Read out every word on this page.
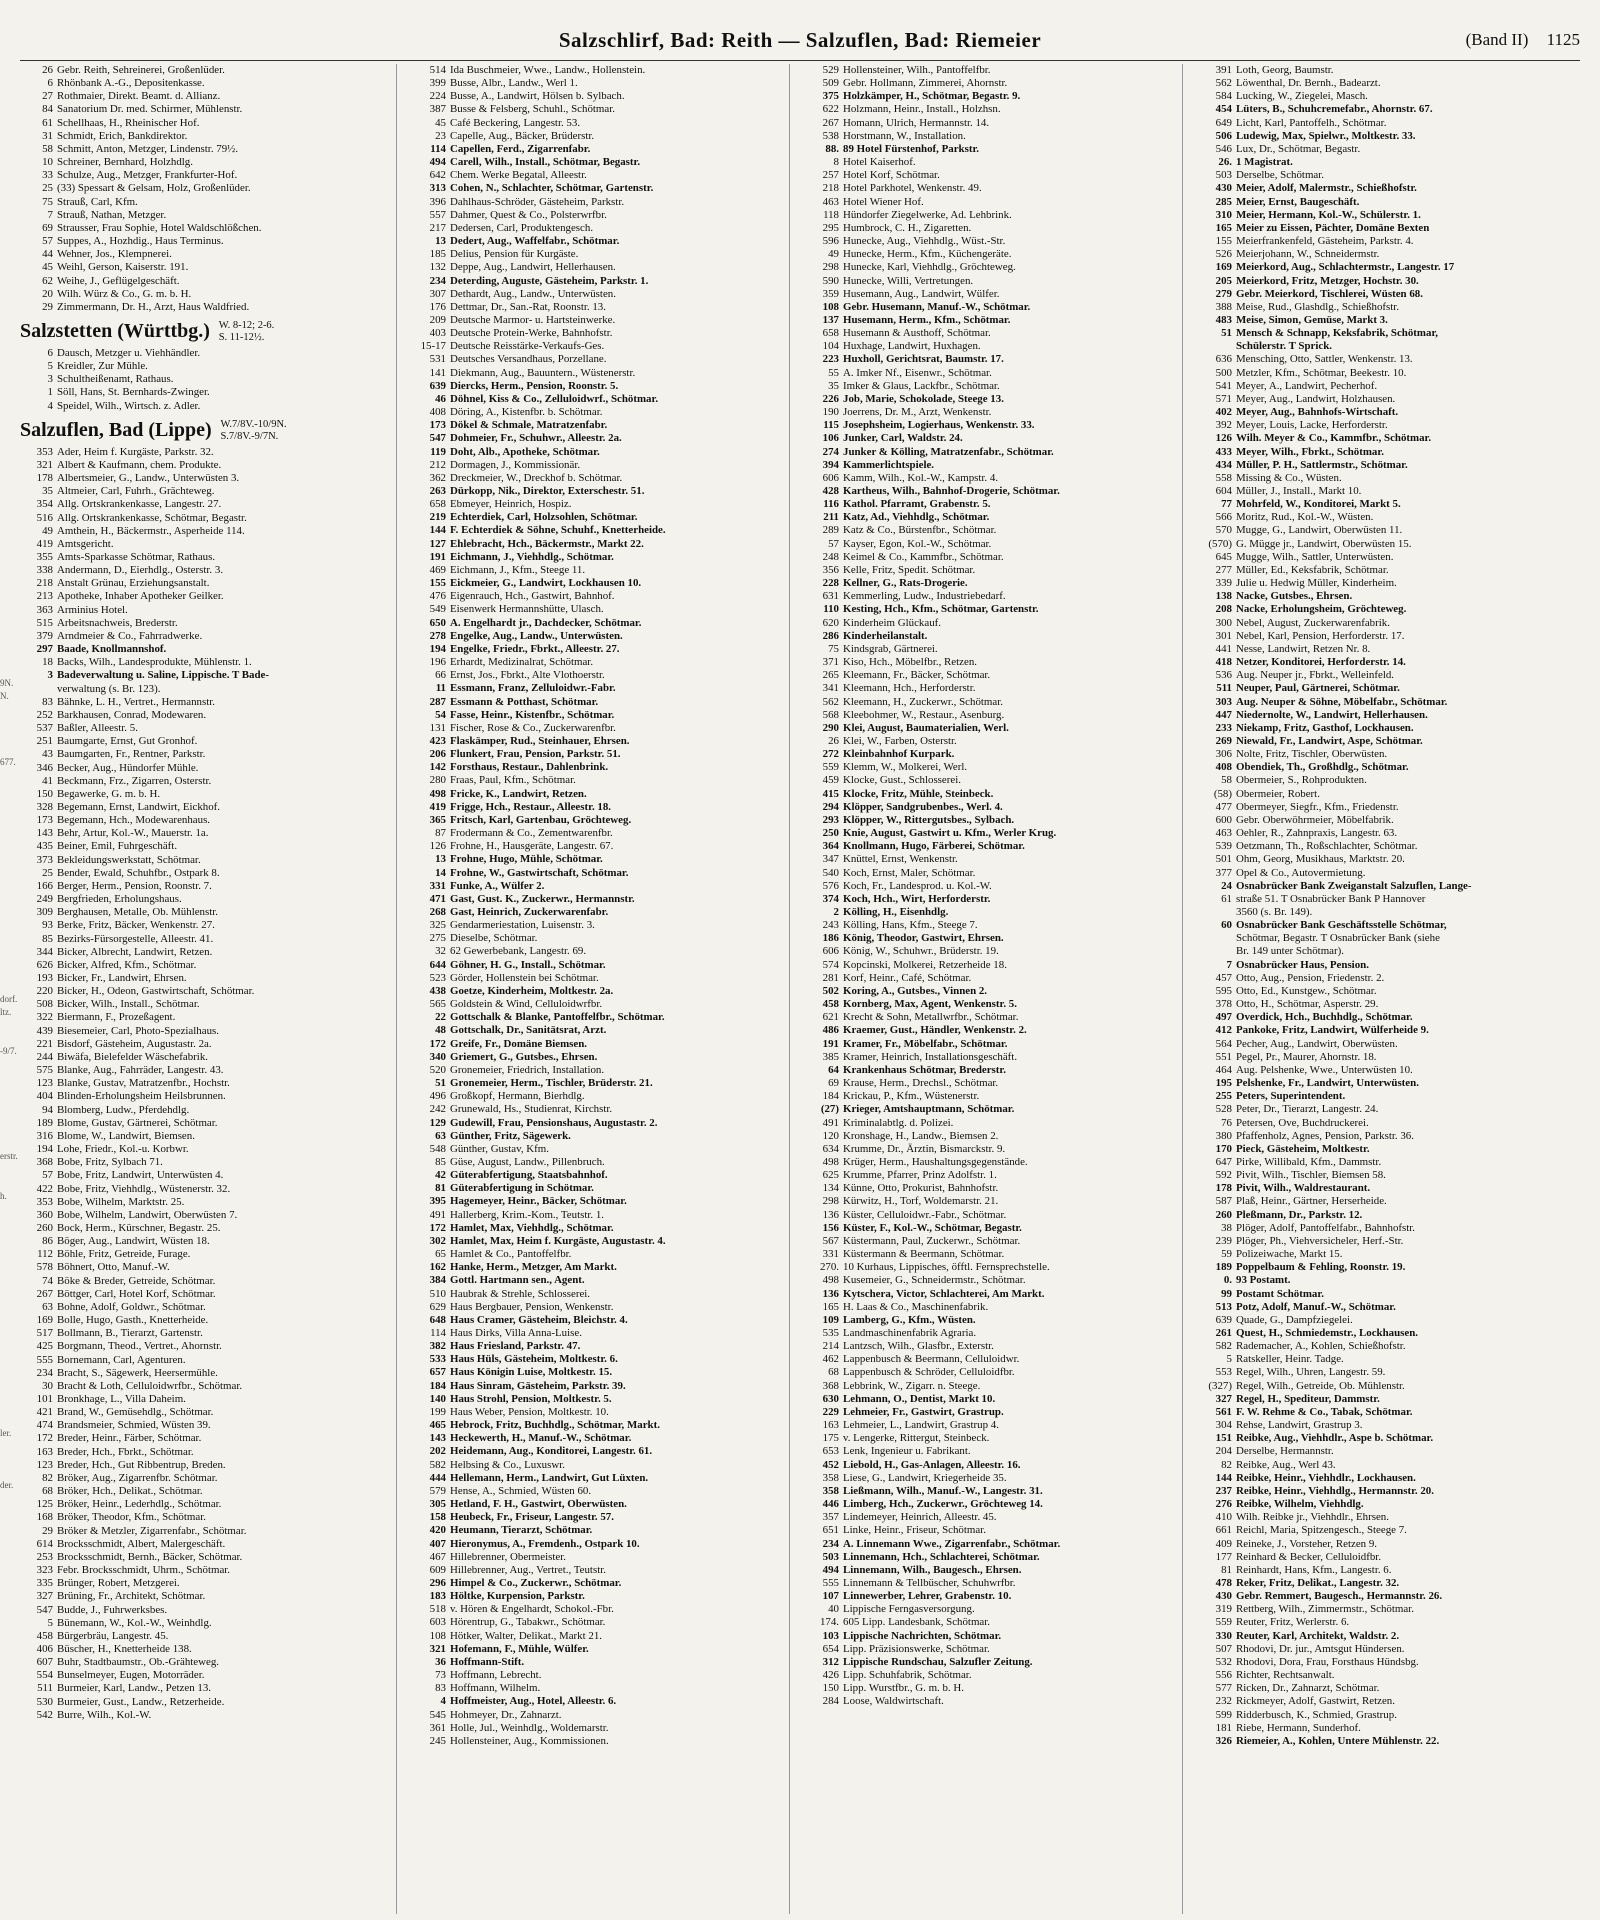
Salzschlirf, Bad: Reith — Salzuflen, Bad: Riemeier	(Band II) 1125
9N.
N.
677.
dorf.
ltz.
-9/7.
erstr.
h.
ler.
der.
26 Gebr. Reith, Sehreinerei, Großenlüder.
6 Rhönbank A.-G., Depositenkasse.
27 Rothmaier, Direkt. Beamt. d. Allianz.
84 Sanatorium Dr. med. Schirmer, Mühlenstr.
61 Schellhaas, H., Rheinischer Hof.
31 Schmidt, Erich, Bankdirektor.
58 Schmitt, Anton, Metzger, Lindenstr. 79½.
10 Schreiner, Bernhard, Holzhdlg.
33 Schulze, Aug., Metzger, Frankfurter-Hof.
25 (33) Spessart & Gelsam, Holz, Großenlüder.
75 Strauß, Carl, Kfm.
7 Strauß, Nathan, Metzger.
69 Strausser, Frau Sophie, Hotel Waldschlößchen.
57 Suppes, A., Hozhdig., Haus Terminus.
44 Wehner, Jos., Klempnerei.
45 Weihl, Gerson, Kaiserstr. 191.
62 Weihe, J., Geflügelgeschäft.
20 Wilh. Würz & Co., G. m. b. H.
29 Zimmermann, Dr. H., Arzt, Haus Waldfried.
Salzstetten (Württbg.) W. 8-12; 2-6.
S. 11-12½.
6 Dausch, Metzger u. Viehhändler.
5 Kreidler, Zur Mühle.
3 Schultheißenamt, Rathaus.
1 Söll, Hans, St. Bernhards-Zwinger.
4 Speidel, Wilh., Wirtsch. z. Adler.
Salzuflen, Bad (Lippe) W.7/8V.-10/9N.
S.7/8V.-9/7N.
353 Ader, Heim f. Kurgäste, Parkstr. 32.
321 Albert & Kaufmann, chem. Produkte.
178 Albertsmeier, G., Landw., Unterwüsten 3.
35 Altmeier, Carl, Fuhrh., Grächteweg.
354 Allg. Ortskrankenkasse, Langestr. 27.
516 Allg. Ortskrankenkasse, Schötmar, Begastr.
49 Amthein, H., Bäckermstr., Asperheide 114.
419 Amtsgericht.
355 Amts-Sparkasse Schötmar, Rathaus.
338 Andermann, D., Eierhdlg., Osterstr. 3.
218 Anstalt Grünau, Erziehungsanstalt.
213 Apotheke, Inhaber Apotheker Geilker.
363 Arminius Hotel.
515 Arbeitsnachweis, Brederstr.
379 Arndmeier & Co., Fahrradwerke.
297 Baade, Knollmannshof.
18 Backs, Wilh., Landesprodukte, Mühlenstr. 1.
3 Badeverwaltung u. Saline, Lippische. T Bade-
verwaltung (s. Br. 123).
83 Bähnke, L. H., Vertret., Hermannstr.
252 Barkhausen, Conrad, Modewaren.
537 Baßler, Alleestr. 5.
251 Baumgarte, Ernst, Gut Gronhof.
43 Baumgarten, Fr., Rentner, Parkstr.
346 Becker, Aug., Hündorfer Mühle.
41 Beckmann, Frz., Zigarren, Osterstr.
150 Begawerke, G. m. b. H.
328 Begemann, Ernst, Landwirt, Eickhof.
173 Begemann, Hch., Modewarenhaus.
143 Behr, Artur, Kol.-W., Mauerstr. 1a.
435 Beiner, Emil, Fuhrgeschäft.
373 Bekleidungswerkstatt, Schötmar.
25 Bender, Ewald, Schuhfbr., Ostpark 8.
166 Berger, Herm., Pension, Roonstr. 7.
249 Bergfrieden, Erholungshaus.
309 Berghausen, Metalle, Ob. Mühlenstr.
93 Berke, Fritz, Bäcker, Wenkenstr. 27.
85 Bezirks-Fürsorgestelle, Alleestr. 41.
344 Bicker, Albrecht, Landwirt, Retzen.
626 Bicker, Alfred, Kfm., Schötmar.
193 Bicker, Fr., Landwirt, Ehrsen.
220 Bicker, H., Odeon, Gastwirtschaft, Schötmar.
508 Bicker, Wilh., Install., Schötmar.
322 Biermann, F., Prozeßagent.
439 Biesemeier, Carl, Photo-Spezialhaus.
221 Bisdorf, Gästeheim, Augustastr. 2a.
244 Biwäfa, Bielefelder Wäschefabrik.
575 Blanke, Aug., Fahrräder, Langestr. 43.
123 Blanke, Gustav, Matratzenfbr., Hochstr.
404 Blinden-Erholungsheim Heilsbrunnen.
94 Blomberg, Ludw., Pferdehdlg.
189 Blome, Gustav, Gärtnerei, Schötmar.
316 Blome, W., Landwirt, Biemsen.
194 Lohe, Friedr., Kol.-u. Korbwr.
368 Bobe, Fritz, Sylbach 71.
57 Bobe, Fritz, Landwirt, Unterwüsten 4.
422 Bobe, Fritz, Viehhdlg., Wüstenerstr. 32.
353 Bobe, Wilhelm, Marktstr. 25.
360 Bobe, Wilhelm, Landwirt, Oberwüsten 7.
260 Bock, Herm., Kürschner, Begastr. 25.
86 Böger, Aug., Landwirt, Wüsten 18.
112 Böhle, Fritz, Getreide, Furage.
578 Böhnert, Otto, Manuf.-W.
74 Böke & Breder, Getreide, Schötmar.
267 Böttger, Carl, Hotel Korf, Schötmar.
63 Bohne, Adolf, Goldwr., Schötmar.
169 Bolle, Hugo, Gasth., Knetterheide.
517 Bollmann, B., Tierarzt, Gartenstr.
425 Borgmann, Theod., Vertret., Ahornstr.
555 Bornemann, Carl, Agenturen.
234 Bracht, S., Sägewerk, Heersermühle.
30 Bracht & Loth, Celluloidwrfbr., Schötmar.
101 Bronkhage, L., Villa Daheim.
421 Brand, W., Gemüsehdlg., Schötmar.
474 Brandsmeier, Schmied, Wüsten 39.
172 Breder, Heinr., Färber, Schötmar.
163 Breder, Hch., Fbrkt., Schötmar.
123 Breder, Hch., Gut Ribbentrup, Breden.
82 Bröker, Aug., Zigarrenfbr. Schötmar.
68 Bröker, Hch., Delikat., Schötmar.
125 Bröker, Heinr., Lederhdlg., Schötmar.
168 Bröker, Theodor, Kfm., Schötmar.
29 Bröker & Metzler, Zigarrenfabr., Schötmar.
614 Brocksschmidt, Albert, Malergeschäft.
253 Brocksschmidt, Bernh., Bäcker, Schötmar.
323 Febr. Brocksschmidt, Uhrm., Schötmar.
335 Brünger, Robert, Metzgerei.
327 Brüning, Fr., Architekt, Schötmar.
547 Budde, J., Fuhrwerksbes.
5 Bünemann, W., Kol.-W., Weinhdlg.
458 Bürgerbräu, Langestr. 45.
406 Büscher, H., Knetterheide 138.
607 Buhr, Stadtbaumstr., Ob.-Grähteweg.
554 Bunselmeyer, Eugen, Motorräder.
511 Burmeier, Karl, Landw., Petzen 13.
530 Burmeier, Gust., Landw., Retzerheide.
542 Burre, Wilh., Kol.-W.
514 Ida Buschmeier, Wwe., Landw., Hollenstein.
399 Busse, Albr., Landw., Werl 1.
224 Busse, A., Landwirt, Hölsen b. Sylbach.
387 Busse & Felsberg, Schuhl., Schötmar.
45 Café Beckering, Langestr. 53.
23 Capelle, Aug., Bäcker, Brüderstr.
114 Capellen, Ferd., Zigarrenfabr.
494 Carell, Wilh., Install., Schötmar, Begastr.
642 Chem. Werke Begatal, Alleestr.
313 Cohen, N., Schlachter, Schötmar, Gartenstr.
396 Dahlhaus-Schröder, Gästeheim, Parkstr.
557 Dahmer, Quest & Co., Polsterwrfbr.
217 Dedersen, Carl, Produktengesch.
13 Dedert, Aug., Waffelfabr., Schötmar.
185 Delius, Pension für Kurgäste.
132 Deppe, Aug., Landwirt, Hellerhausen.
234 Deterding, Auguste, Gästeheim, Parkstr. 1.
307 Dethardt, Aug., Landw., Unterwüsten.
176 Dettmar, Dr., San.-Rat, Roonstr. 13.
209 Deutsche Marmor- u. Hartsteinwerke.
403 Deutsche Protein-Werke, Bahnhofstr.
15-17 Deutsche Reisstärke-Verkaufs-Ges.
531 Deutsches Versandhaus, Porzellane.
141 Diekmann, Aug., Bauuntern., Wüstenerstr.
639 Diercks, Herm., Pension, Roonstr. 5.
46 Döhnel, Kiss & Co., Zelluloidwrf., Schötmar.
408 Döring, A., Kistenfbr. b. Schötmar.
173 Dökel & Schmale, Matratzenfabr.
547 Dohmeier, Fr., Schuhwr., Alleestr. 2a.
119 Doht, Alb., Apotheke, Schötmar.
212 Dormagen, J., Kommissionär.
362 Dreckmeier, W., Dreckhof b. Schötmar.
263 Dürkopp, Nik., Direktor, Exterschestr. 51.
658 Ebmeyer, Heinrich, Hospiz.
219 Echterdiek, Carl, Holzsohlen, Schötmar.
144 F. Echterdiek & Söhne, Schuhf., Knetterheide.
127 Ehlebracht, Hch., Bäckermstr., Markt 22.
191 Eichmann, J., Viehhdlg., Schötmar.
469 Eichmann, J., Kfm., Steege 11.
155 Eickmeier, G., Landwirt, Lockhausen 10.
476 Eigenrauch, Hch., Gastwirt, Bahnhof.
549 Eisenwerk Hermannshütte, Ulasch.
650 A. Engelhardt jr., Dachdecker, Schötmar.
278 Engelke, Aug., Landw., Unterwüsten.
194 Engelke, Friedr., Fbrkt., Alleestr. 27.
196 Erhardt, Medizinalrat, Schötmar.
66 Ernst, Jos., Fbrkt., Alte Vlothoerstr.
11 Essmann, Franz, Zelluloidwr.-Fabr.
287 Essmann & Potthast, Schötmar.
54 Fasse, Heinr., Kistenfbr., Schötmar.
131 Fischer, Rose & Co., Zuckerwarenfbr.
423 Flaskämper, Rud., Steinhauer, Ehrsen.
206 Flunkert, Frau, Pension, Parkstr. 51.
142 Forsthaus, Restaur., Dahlenbrink.
280 Fraas, Paul, Kfm., Schötmar.
498 Fricke, K., Landwirt, Retzen.
419 Frigge, Hch., Restaur., Alleestr. 18.
365 Fritsch, Karl, Gartenbau, Gröchteweg.
87 Frodermann & Co., Zementwarenfbr.
126 Frohne, H., Hausgeräte, Langestr. 67.
13 Frohne, Hugo, Mühle, Schötmar.
14 Frohne, W., Gastwirtschaft, Schötmar.
331 Funke, A., Wülfer 2.
471 Gast, Gust. K., Zuckerwr., Hermannstr.
268 Gast, Heinrich, Zuckerwarenfabr.
325 Gendarmeriestation, Luisenstr. 3.
275 Dieselbe, Schötmar.
32 62 Gewerbebank, Langestr. 69.
644 Göhner, H. G., Install., Schötmar.
523 Görder, Hollenstein bei Schötmar.
438 Goetze, Kinderheim, Moltkestr. 2a.
565 Goldstein & Wind, Celluloidwrfbr.
22 Gottschalk & Blanke, Pantoffelfbr., Schötmar.
48 Gottschalk, Dr., Sanitätsrat, Arzt.
172 Greife, Fr., Domäne Biemsen.
340 Griemert, G., Gutsbes., Ehrsen.
520 Gronemeier, Friedrich, Installation.
51 Gronemeier, Herm., Tischler, Brüderstr. 21.
496 Großkopf, Hermann, Bierhdlg.
242 Grunewald, Hs., Studienrat, Kirchstr.
129 Gudewill, Frau, Pensionshaus, Augustastr. 2.
63 Günther, Fritz, Sägewerk.
548 Günther, Gustav, Kfm.
85 Güse, August, Landw., Pillenbruch.
42 Güterabfertigung, Staatsbahnhof.
81 Güterabfertigung in Schötmar.
395 Hagemeyer, Heinr., Bäcker, Schötmar.
491 Hallerberg, Krim.-Kom., Teutstr. 1.
172 Hamlet, Max, Viehhdlg., Schötmar.
302 Hamlet, Max, Heim f. Kurgäste, Augustastr. 4.
65 Hamlet & Co., Pantoffelfbr.
162 Hanke, Herm., Metzger, Am Markt.
384 Gottl. Hartmann sen., Agent.
510 Haubrak & Strehle, Schlosserei.
629 Haus Bergbauer, Pension, Wenkenstr.
648 Haus Cramer, Gästeheim, Bleichstr. 4.
114 Haus Dirks, Villa Anna-Luise.
382 Haus Friesland, Parkstr. 47.
533 Haus Hüls, Gästeheim, Moltkestr. 6.
657 Haus Königin Luise, Moltkestr. 15.
184 Haus Sinram, Gästeheim, Parkstr. 39.
140 Haus Strohl, Pension, Moltkestr. 5.
199 Haus Weber, Pension, Moltkestr. 10.
465 Hebrock, Fritz, Buchhdlg., Schötmar, Markt.
143 Heckewerth, H., Manuf.-W., Schötmar.
202 Heidemann, Aug., Konditorei, Langestr. 61.
582 Helbsing & Co., Luxuswr.
444 Hellemann, Herm., Landwirt, Gut Lüxten.
579 Hense, A., Schmied, Wüsten 60.
305 Hetland, F. H., Gastwirt, Oberwüsten.
158 Heubeck, Fr., Friseur, Langestr. 57.
420 Heumann, Tierarzt, Schötmar.
407 Hieronymus, A., Fremdenh., Ostpark 10.
467 Hillebrenner, Obermeister.
609 Hillebrenner, Aug., Vertret., Teutstr.
296 Himpel & Co., Zuckerwr., Schötmar.
183 Höltke, Kurpension, Parkstr.
518 v. Hören & Engelhardt, Schokol.-Fbr.
603 Hörentrup, G., Tabakwr., Schötmar.
108 Hötker, Walter, Delikat., Markt 21.
321 Hofemann, F., Mühle, Wülfer.
36 Hoffmann-Stift.
73 Hoffmann, Lebrecht.
83 Hoffmann, Wilhelm.
4 Hoffmeister, Aug., Hotel, Alleestr. 6.
545 Hohmeyer, Dr., Zahnarzt.
361 Holle, Jul., Weinhdlg., Woldemarstr.
245 Hollensteiner, Aug., Kommissionen.
529 Hollensteiner, Wilh., Pantoffelfbr.
509 Gebr. Hollmann, Zimmerei, Ahornstr.
375 Holzkämper, H., Schötmar, Begastr. 9.
622 Holzmann, Heinr., Install., Holzhsn.
267 Homann, Ulrich, Hermannstr. 14.
538 Horstmann, W., Installation.
88. 89 Hotel Fürstenhof, Parkstr.
8 Hotel Kaiserhof.
257 Hotel Korf, Schötmar.
218 Hotel Parkhotel, Wenkenstr. 49.
463 Hotel Wiener Hof.
118 Hündorfer Ziegelwerke, Ad. Lehbrink.
295 Humbrock, C. H., Zigaretten.
596 Hunecke, Aug., Viehhdlg., Wüst.-Str.
49 Hunecke, Herm., Kfm., Küchengeräte.
298 Hunecke, Karl, Viehhdlg., Gröchteweg.
590 Hunecke, Willi, Vertretungen.
359 Husemann, Aug., Landwirt, Wülfer.
108 Gebr. Husemann, Manuf.-W., Schötmar.
137 Husemann, Herm., Kfm., Schötmar.
658 Husemann & Austhoff, Schötmar.
104 Huxhage, Landwirt, Huxhagen.
223 Huxholl, Gerichtsrat, Baumstr. 17.
55 A. Imker Nf., Eisenwr., Schötmar.
35 Imker & Glaus, Lackfbr., Schötmar.
226 Job, Marie, Schokolade, Steege 13.
190 Joerrens, Dr. M., Arzt, Wenkenstr.
115 Josephsheim, Logierhaus, Wenkenstr. 33.
106 Junker, Carl, Waldstr. 24.
274 Junker & Kölling, Matratzenfabr., Schötmar.
394 Kammerlichtspiele.
606 Kamm, Wilh., Kol.-W., Kampstr. 4.
428 Kartheus, Wilh., Bahnhof-Drogerie, Schötmar.
116 Kathol. Pfarramt, Grabenstr. 5.
211 Katz, Ad., Viehhdlg., Schötmar.
289 Katz & Co., Bürstenfbr., Schötmar.
57 Kayser, Egon, Kol.-W., Schötmar.
248 Keimel & Co., Kammfbr., Schötmar.
356 Kelle, Fritz, Spedit. Schötmar.
228 Kellner, G., Rats-Drogerie.
631 Kemmerling, Ludw., Industriebedarf.
110 Kesting, Hch., Kfm., Schötmar, Gartenstr.
620 Kinderheim Glückauf.
286 Kinderheilanstalt.
75 Kindsgrab, Gärtnerei.
371 Kiso, Hch., Möbelfbr., Retzen.
265 Kleemann, Fr., Bäcker, Schötmar.
341 Kleemann, Hch., Herforderstr.
562 Kleemann, H., Zuckerwr., Schötmar.
568 Kleebohmer, W., Restaur., Asenburg.
290 Klei, August, Baumaterialien, Werl.
26 Klei, W., Farben, Osterstr.
272 Kleinbahnhof Kurpark.
559 Klemm, W., Molkerei, Werl.
459 Klocke, Gust., Schlosserei.
415 Klocke, Fritz, Mühle, Steinbeck.
294 Klöpper, Sandgrubenbes., Werl. 4.
293 Klöpper, W., Rittergutsbes., Sylbach.
250 Knie, August, Gastwirt u. Kfm., Werler Krug.
364 Knollmann, Hugo, Färberei, Schötmar.
347 Knüttel, Ernst, Wenkenstr.
540 Koch, Ernst, Maler, Schötmar.
576 Koch, Fr., Landesprod. u. Kol.-W.
374 Koch, Hch., Wirt, Herforderstr.
2 Kölling, H., Eisenhdlg.
243 Kölling, Hans, Kfm., Steege 7.
186 König, Theodor, Gastwirt, Ehrsen.
606 König, W., Schuhwr., Brüderstr. 19.
574 Kopcinski, Molkerei, Retzerheide 18.
281 Korf, Heinr., Café, Schötmar.
502 Koring, A., Gutsbes., Vinnen 2.
458 Kornberg, Max, Agent, Wenkenstr. 5.
621 Krecht & Sohn, Metallwrfbr., Schötmar.
486 Kraemer, Gust., Händler, Wenkenstr. 2.
191 Kramer, Fr., Möbelfabr., Schötmar.
385 Kramer, Heinrich, Installationsgeschäft.
64 Krankenhaus Schötmar, Brederstr.
69 Krause, Herm., Drechsl., Schötmar.
184 Krickau, P., Kfm., Wüstenerstr.
(27) Krieger, Amtshauptmann, Schötmar.
491 Kriminalabtlg. d. Polizei.
120 Kronshage, H., Landw., Biemsen 2.
634 Krumme, Dr., Ärztin, Bismarckstr. 9.
498 Krüger, Herm., Haushaltungsgegenstände.
625 Krumme, Pfarrer, Prinz Adolfstr. 1.
134 Künne, Otto, Prokurist, Bahnhofstr.
298 Kürwitz, H., Torf, Woldemarstr. 21.
136 Küster, Celluloidwr.-Fabr., Schötmar.
156 Küster, F., Kol.-W., Schötmar, Begastr.
567 Küstermann, Paul, Zuckerwr., Schötmar.
331 Küstermann & Beermann, Schötmar.
270. 10 Kurhaus, Lippisches, öfftl. Fernsprechstelle.
498 Kusemeier, G., Schneidermstr., Schötmar.
136 Kytschera, Victor, Schlachterei, Am Markt.
165 H. Laas & Co., Maschinenfabrik.
109 Lamberg, G., Kfm., Wüsten.
535 Landmaschinenfabrik Agraria.
214 Lantzsch, Wilh., Glasfbr., Exterstr.
462 Lappenbusch & Beermann, Celluloidwr.
68 Lappenbusch & Schröder, Celluloidfbr.
368 Lebbrink, W., Zigarr. n. Steege.
630 Lehmann, O., Dentist, Markt 10.
229 Lehmeier, Fr., Gastwirt, Grastrup.
163 Lehmeier, L., Landwirt, Grastrup 4.
175 v. Lengerke, Rittergut, Steinbeck.
653 Lenk, Ingenieur u. Fabrikant.
452 Liebold, H., Gas-Anlagen, Alleestr. 16.
358 Liese, G., Landwirt, Kriegerheide 35.
358 Ließmann, Wilh., Manuf.-W., Langestr. 31.
446 Limberg, Hch., Zuckerwr., Gröchteweg 14.
357 Lindemeyer, Heinrich, Alleestr. 45.
651 Linke, Heinr., Friseur, Schötmar.
234 A. Linnemann Wwe., Zigarrenfabr., Schötmar.
503 Linnemann, Hch., Schlachterei, Schötmar.
494 Linnemann, Wilh., Baugesch., Ehrsen.
555 Linnemann & Tellbüscher, Schuhwrfbr.
107 Linnewerber, Lehrer, Grabenstr. 10.
40 Lippische Ferngasversorgung.
174. 605 Lipp. Landesbank, Schötmar.
103 Lippische Nachrichten, Schötmar.
654 Lipp. Präzisionswerke, Schötmar.
312 Lippische Rundschau, Salzufler Zeitung.
426 Lipp. Schuhfabrik, Schötmar.
150 Lipp. Wurstfbr., G. m. b. H.
284 Loose, Waldwirtschaft.
391 Loth, Georg, Baumstr.
562 Löwenthal, Dr. Bernh., Badearzt.
584 Lucking, W., Ziegelei, Masch.
454 Lüters, B., Schuhcremefabr., Ahornstr. 67.
649 Licht, Karl, Pantoffelh., Schötmar.
506 Ludewig, Max, Spielwr., Moltkestr. 33.
546 Lux, Dr., Schötmar, Begastr.
26. 1 Magistrat.
503 Derselbe, Schötmar.
430 Meier, Adolf, Malermstr., Schießhofstr.
285 Meier, Ernst, Baugeschäft.
310 Meier, Hermann, Kol.-W., Schülerstr. 1.
165 Meier zu Eissen, Pächter, Domäne Bexten
155 Meierfrankenfeld, Gästeheim, Parkstr. 4.
526 Meierjohann, W., Schneidermstr.
169 Meierkord, Aug., Schlachtermstr., Langestr. 17
205 Meierkord, Fritz, Metzger, Hochstr. 30.
279 Gebr. Meierkord, Tischlerei, Wüsten 68.
388 Meise, Rud., Glashdlg., Schießhofstr.
483 Meise, Simon, Gemüse, Markt 3.
51 Mensch & Schnapp, Keksfabrik, Schötmar,
Schülerstr. T Sprick.
636 Mensching, Otto, Sattler, Wenkenstr. 13.
500 Metzler, Kfm., Schötmar, Beekestr. 10.
541 Meyer, A., Landwirt, Pecherhof.
571 Meyer, Aug., Landwirt, Holzhausen.
402 Meyer, Aug., Bahnhofs-Wirtschaft.
392 Meyer, Louis, Lacke, Herforderstr.
126 Wilh. Meyer & Co., Kammfbr., Schötmar.
433 Meyer, Wilh., Fbrkt., Schötmar.
434 Müller, P. H., Sattlermstr., Schötmar.
558 Missing & Co., Wüsten.
604 Müller, J., Install., Markt 10.
77 Mohrfeld, W., Konditorei, Markt 5.
566 Moritz, Rud., Kol.-W., Wüsten.
570 Mugge, G., Landwirt, Oberwüsten 11.
(570) G. Mügge jr., Landwirt, Oberwüsten 15.
645 Mugge, Wilh., Sattler, Unterwüsten.
277 Müller, Ed., Keksfabrik, Schötmar.
339 Julie u. Hedwig Müller, Kinderheim.
138 Nacke, Gutsbes., Ehrsen.
208 Nacke, Erholungsheim, Gröchteweg.
300 Nebel, August, Zuckerwarenfabrik.
301 Nebel, Karl, Pension, Herforderstr. 17.
441 Nesse, Landwirt, Retzen Nr. 8.
418 Netzer, Konditorei, Herforderstr. 14.
536 Aug. Neuper jr., Fbrkt., Welleinfeld.
511 Neuper, Paul, Gärtnerei, Schötmar.
303 Aug. Neuper & Söhne, Möbelfabr., Schötmar.
447 Niedernolte, W., Landwirt, Hellerhausen.
233 Niekamp, Fritz, Gasthof, Lockhausen.
269 Niewald, Fr., Landwirt, Aspe, Schötmar.
306 Nolte, Fritz, Tischler, Oberwüsten.
408 Obendiek, Th., Großhdlg., Schötmar.
58 Obermeier, S., Rohprodukten.
(58) Obermeier, Robert.
477 Obermeyer, Siegfr., Kfm., Friedenstr.
600 Gebr. Oberwöhrmeier, Möbelfabrik.
463 Oehler, R., Zahnpraxis, Langestr. 63.
539 Oetzmann, Th., Roßschlachter, Schötmar.
501 Ohm, Georg, Musikhaus, Marktstr. 20.
377 Opel & Co., Autovermietung.
24 Osnabrücker Bank Zweiganstalt Salzuflen, Lange-
61 straße 51. T Osnabrücker Bank P Hannover
3560 (s. Br. 149).
60 Osnabrücker Bank Geschäftsstelle Schötmar,
Schötmar, Begastr. T Osnabrücker Bank (siehe
Br. 149 unter Schötmar).
7 Osnabrücker Haus, Pension.
457 Otto, Aug., Pension, Friedenstr. 2.
595 Otto, Ed., Kunstgew., Schötmar.
378 Otto, H., Schötmar, Asperstr. 29.
497 Overdick, Hch., Buchhdlg., Schötmar.
412 Pankoke, Fritz, Landwirt, Wülferheide 9.
564 Pecher, Aug., Landwirt, Oberwüsten.
551 Pegel, Pr., Maurer, Ahornstr. 18.
464 Aug. Pelshenke, Wwe., Unterwüsten 10.
195 Pelshenke, Fr., Landwirt, Unterwüsten.
255 Peters, Superintendent.
528 Peter, Dr., Tierarzt, Langestr. 24.
76 Petersen, Ove, Buchdruckerei.
380 Pfaffenholz, Agnes, Pension, Parkstr. 36.
170 Pieck, Gästeheim, Moltkestr.
647 Pirke, Willibald, Kfm., Dammstr.
592 Pivit, Wilh., Tischler, Biemsen 58.
178 Pivit, Wilh., Waldrestaurant.
587 Plaß, Heinr., Gärtner, Herserheide.
260 Pleßmann, Dr., Parkstr. 12.
38 Plöger, Adolf, Pantoffelfabr., Bahnhofstr.
239 Plöger, Ph., Viehversicheler, Herf.-Str.
59 Polizeiwache, Markt 15.
189 Poppelbaum & Fehling, Roonstr. 19.
0. 93 Postamt.
99 Postamt Schötmar.
513 Potz, Adolf, Manuf.-W., Schötmar.
639 Quade, G., Dampfziegelei.
261 Quest, H., Schmiedemstr., Lockhausen.
582 Rademacher, A., Kohlen, Schießhofstr.
5 Ratskeller, Heinr. Tadge.
553 Regel, Wilh., Uhren, Langestr. 59.
(327) Regel, Wilh., Getreide, Ob. Mühlenstr.
327 Regel, H., Spediteur, Dammstr.
561 F. W. Rehme & Co., Tabak, Schötmar.
304 Rehse, Landwirt, Grastrup 3.
151 Reibke, Aug., Viehhdlr., Aspe b. Schötmar.
204 Derselbe, Hermannstr.
82 Reibke, Aug., Werl 43.
144 Reibke, Heinr., Viehhdlr., Lockhausen.
237 Reibke, Heinr., Viehhdlg., Hermannstr. 20.
276 Reibke, Wilhelm, Viehhdlg.
410 Wilh. Reibke jr., Viehhdlr., Ehrsen.
661 Reichl, Maria, Spitzengesch., Steege 7.
409 Reineke, J., Vorsteher, Retzen 9.
177 Reinhard & Becker, Celluloidfbr.
81 Reinhardt, Hans, Kfm., Langestr. 6.
478 Reker, Fritz, Delikat., Langestr. 32.
430 Gebr. Remmert, Baugesch., Hermannstr. 26.
319 Rettberg, Wilh., Zimmermstr., Schötmar.
559 Reuter, Fritz, Werlerstr. 6.
330 Reuter, Karl, Architekt, Waldstr. 2.
507 Rhodovi, Dr. jur., Amtsgut Hündersen.
532 Rhodovi, Dora, Frau, Forsthaus Hündsbg.
556 Richter, Rechtsanwalt.
577 Ricken, Dr., Zahnarzt, Schötmar.
232 Rickmeyer, Adolf, Gastwirt, Retzen.
599 Ridderbusch, K., Schmied, Grastrup.
181 Riebe, Hermann, Sunderhof.
326 Riemeier, A., Kohlen, Untere Mühlenstr. 22.
